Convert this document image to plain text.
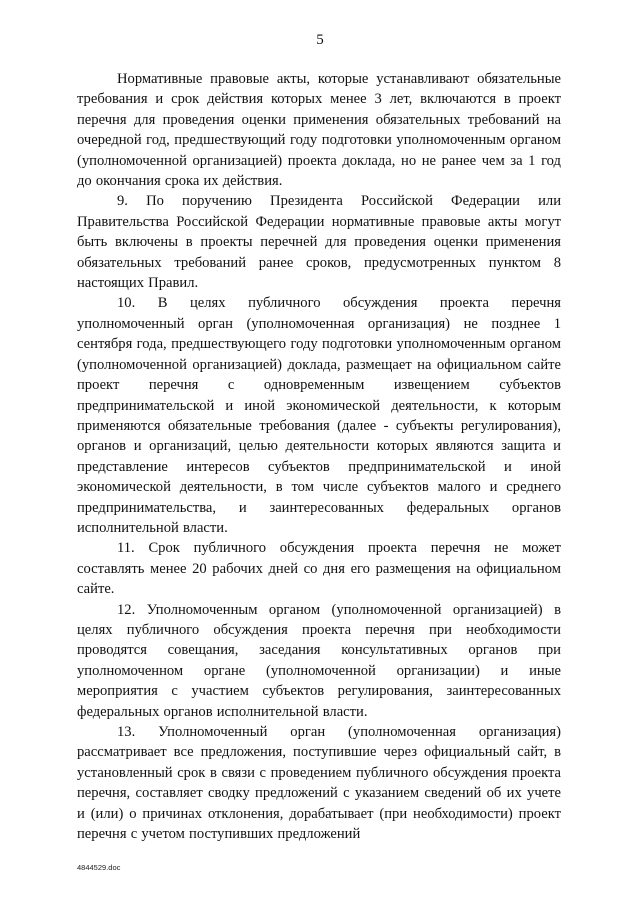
5

Нормативные правовые акты, которые устанавливают обязательные требования и срок действия которых менее 3 лет, включаются в проект перечня для проведения оценки применения обязательных требований на очередной год, предшествующий году подготовки уполномоченным органом (уполномоченной организацией) проекта доклада, но не ранее чем за 1 год до окончания срока их действия.

9. По поручению Президента Российской Федерации или Правительства Российской Федерации нормативные правовые акты могут быть включены в проекты перечней для проведения оценки применения обязательных требований ранее сроков, предусмотренных пунктом 8 настоящих Правил.

10. В целях публичного обсуждения проекта перечня уполномоченный орган (уполномоченная организация) не позднее 1 сентября года, предшествующего году подготовки уполномоченным органом (уполномоченной организацией) доклада, размещает на официальном сайте проект перечня с одновременным извещением субъектов предпринимательской и иной экономической деятельности, к которым применяются обязательные требования (далее - субъекты регулирования), органов и организаций, целью деятельности которых являются защита и представление интересов субъектов предпринимательской и иной экономической деятельности, в том числе субъектов малого и среднего предпринимательства, и заинтересованных федеральных органов исполнительной власти.

11. Срок публичного обсуждения проекта перечня не может составлять менее 20 рабочих дней со дня его размещения на официальном сайте.

12. Уполномоченным органом (уполномоченной организацией) в целях публичного обсуждения проекта перечня при необходимости проводятся совещания, заседания консультативных органов при уполномоченном органе (уполномоченной организации) и иные мероприятия с участием субъектов регулирования, заинтересованных федеральных органов исполнительной власти.

13. Уполномоченный орган (уполномоченная организация) рассматривает все предложения, поступившие через официальный сайт, в установленный срок в связи с проведением публичного обсуждения проекта перечня, составляет сводку предложений с указанием сведений об их учете и (или) о причинах отклонения, дорабатывает (при необходимости) проект перечня с учетом поступивших предложений

4844529.doc
